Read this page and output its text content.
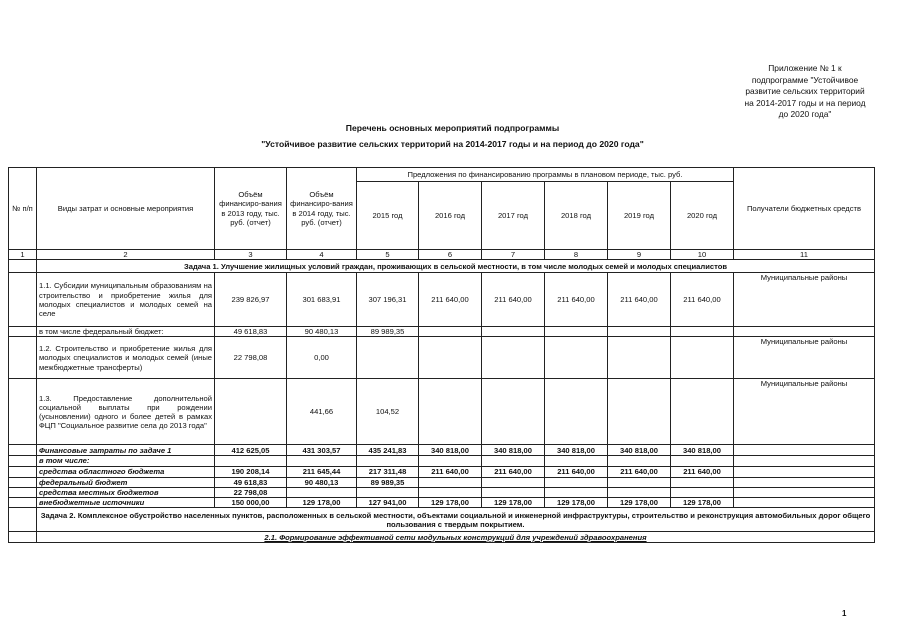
Приложение № 1 к
подпрограмме "Устойчивое
развитие сельских территорий
на 2014-2017 годы и на период
до 2020 года"
Перечень основных мероприятий подпрограммы
"Устойчивое развитие сельских территорий на 2014-2017 годы и на период до 2020 года"
№ п/п	Виды затрат и основные мероприятия	Объём финансиро-вания в 2013 году, тыс. руб. (отчет)	Объём финансиро-вания в 2014 году, тыс. руб. (отчет)	Предложения по финансированию программы в плановом периоде, тыс. руб.						Получатели бюджетных средств
				2015 год	2016 год	2017 год	2018 год	2019 год	2020 год	
1	2	3	4	5	6	7	8	9	10	11
	Задача 1. Улучшение жилищных условий граждан, проживающих в сельской местности, в том числе молодых семей и молодых специалистов									
	1.1. Субсидии муниципальным образованиям на строительство и приобретение жилья для молодых специалистов и молодых семей на селе	239 826,97	301 683,91	307 196,31	211 640,00	211 640,00	211 640,00	211 640,00	211 640,00	Муниципальные районы
	в том числе федеральный бюджет:	49 618,83	90 480,13	89 989,35						
	1.2. Строительство и приобретение жилья для молодых специалистов и молодых семей (иные межбюджетные трансферты)	22 798,08	0,00							Муниципальные районы
	1.3. Предоставление дополнительной социальной выплаты при рождении (усыновлении) одного и более детей в рамках ФЦП "Социальное развитие села до 2013 года"		441,66	104,52						Муниципальные районы
	Финансовые затраты по задаче 1	412 625,05	431 303,57	435 241,83	340 818,00	340 818,00	340 818,00	340 818,00	340 818,00	
	в том числе:									
	средства областного бюджета	190 208,14	211 645,44	217 311,48	211 640,00	211 640,00	211 640,00	211 640,00	211 640,00	
	федеральный бюджет	49 618,83	90 480,13	89 989,35						
	средства местных бюджетов	22 798,08								
	внебюджетные источники	150 000,00	129 178,00	127 941,00	129 178,00	129 178,00	129 178,00	129 178,00	129 178,00	
	Задача 2. Комплексное обустройство населенных пунктов, расположенных в сельской местности, объектами социальной и инженерной инфраструктуры, строительство и реконструкция автомобильных дорог общего пользования с твердым покрытием.									
	2.1. Формирование эффективной сети модульных конструкций для учреждений здравоохранения									
1
